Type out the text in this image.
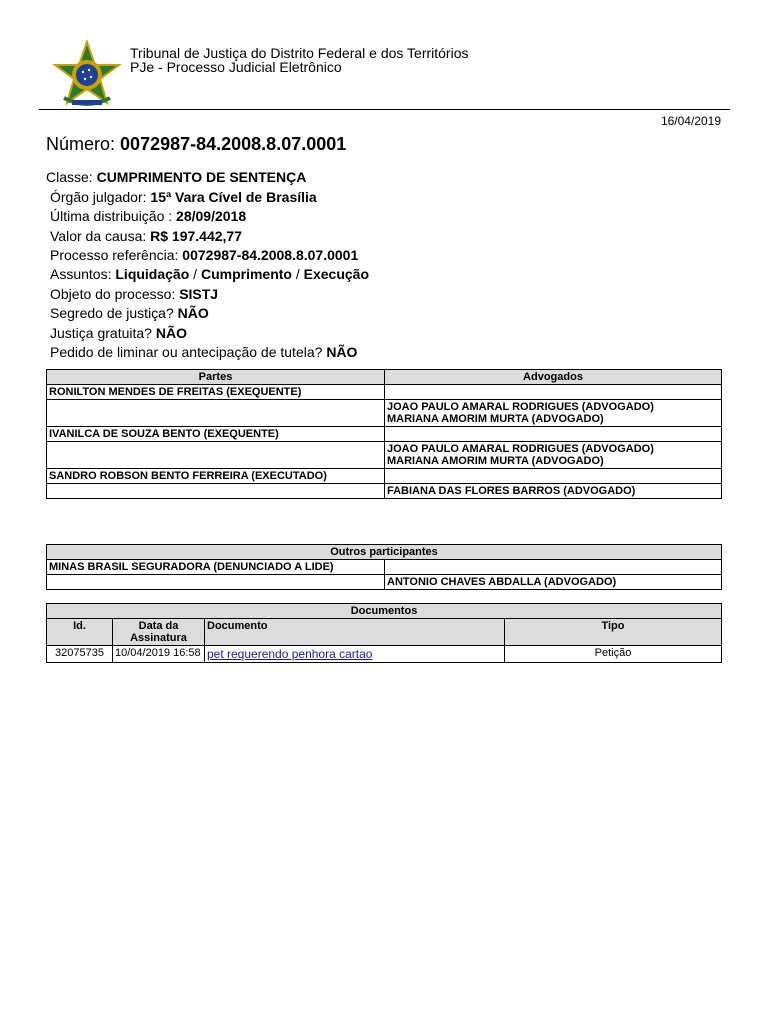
Tribunal de Justiça do Distrito Federal e dos Territórios
PJe - Processo Judicial Eletrônico
16/04/2019
Número: 0072987-84.2008.8.07.0001
Classe: CUMPRIMENTO DE SENTENÇA
Órgão julgador: 15ª Vara Cível de Brasília
Última distribuição : 28/09/2018
Valor da causa: R$ 197.442,77
Processo referência: 0072987-84.2008.8.07.0001
Assuntos: Liquidação / Cumprimento / Execução
Objeto do processo: SISTJ
Segredo de justiça? NÃO
Justiça gratuita? NÃO
Pedido de liminar ou antecipação de tutela? NÃO
Partes	Advogados
RONILTON MENDES DE FREITAS (EXEQUENTE)	

	JOAO PAULO AMARAL RODRIGUES (ADVOGADO)
MARIANA AMORIM MURTA (ADVOGADO)

IVANILCA DE SOUZA BENTO (EXEQUENTE)	

	JOAO PAULO AMARAL RODRIGUES (ADVOGADO)
MARIANA AMORIM MURTA (ADVOGADO)

SANDRO ROBSON BENTO FERREIRA (EXECUTADO)	
	FABIANA DAS FLORES BARROS (ADVOGADO)
Outros participantes	
MINAS BRASIL SEGURADORA (DENUNCIADO A LIDE)	
	ANTONIO CHAVES ABDALLA (ADVOGADO)
Documentos			
Id.	Data da Assinatura	Documento	Tipo
32075735	10/04/2019 16:58	pet requerendo penhora cartao	Petição
